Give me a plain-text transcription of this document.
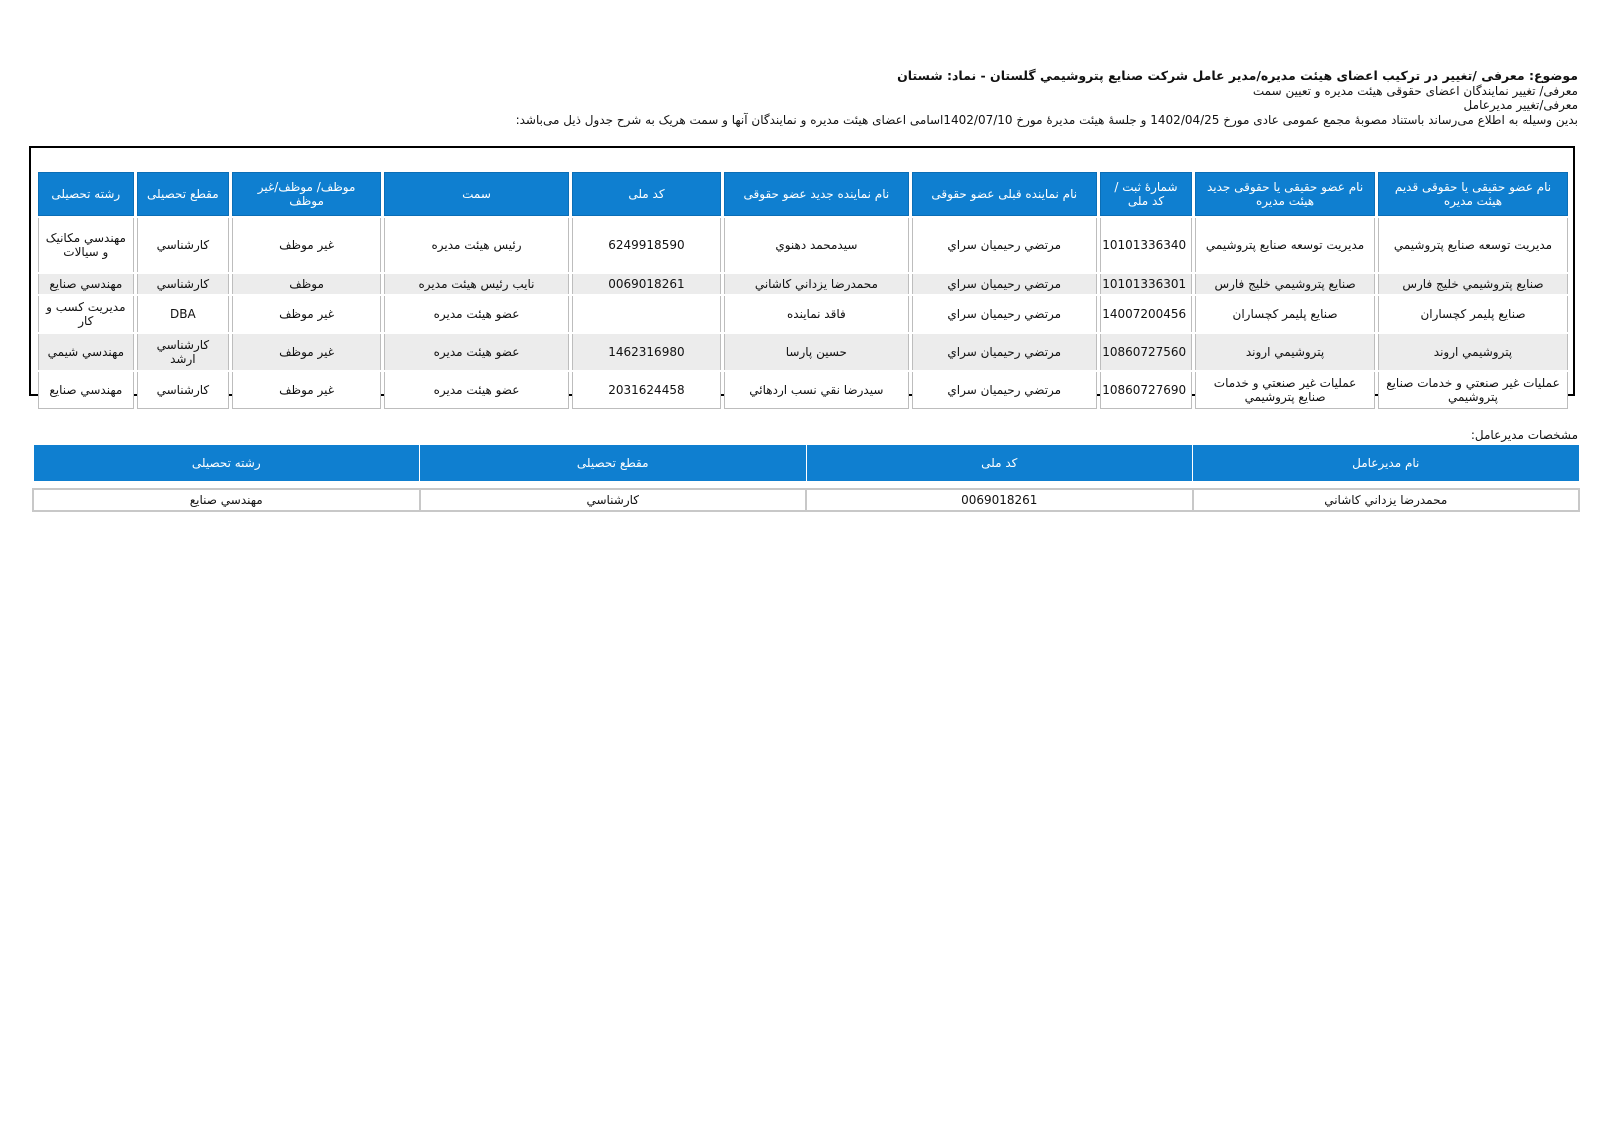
موضوع: معرفی /تغییر در ترکیب اعضای هیئت مدیره/مدیر عامل شرکت صنایع پتروشیمي گلستان - نماد: شستان
معرفی/ تغییر نمایندگان اعضای حقوقی هیئت مدیره و تعیین سمت
معرفی/تغییر مدیرعامل
بدین وسیله به اطلاع می‌رساند باستناد مصوبهٔ مجمع عمومی عادی مورخ 1402/04/25 و جلسهٔ هیئت مدیرهٔ مورخ 1402/07/10اسامی اعضای هیئت مدیره و نمایندگان آنها و سمت هریک به شرح جدول ذیل می‌باشد:
نام عضو حقیقی یا حقوقی قدیم هیئت مدیره	نام عضو حقیقی یا حقوقی جدید هیئت مدیره	شمارهٔ ثبت / کد ملی	نام نماینده قبلی عضو حقوقی	نام نماینده جدید عضو حقوقی	کد ملی	سمت	موظف/ موظف/غیر موظف	مقطع تحصیلی	رشته تحصیلی
مدیریت توسعه صنایع پتروشیمي	مدیریت توسعه صنایع پتروشیمي	10101336340	مرتضي رحیمیان سراي	سیدمحمد دهنوي	6249918590	رئیس هیئت مدیره	غیر موظف	کارشناسي	مهندسي مکانیک و سیالات
صنایع پتروشیمي خلیج فارس	صنایع پتروشیمي خلیج فارس	10101336301	مرتضي رحیمیان سراي	محمدرضا یزداني کاشاني	0069018261	نایب رئیس هیئت مدیره	موظف	کارشناسي	مهندسي صنایع
صنایع پلیمر کچساران	صنایع پلیمر کچساران	14007200456	مرتضي رحیمیان سراي	فاقد نماینده		عضو هیئت مدیره	غیر موظف	DBA	مدیریت کسب و کار
پتروشیمي اروند	پتروشیمي اروند	10860727560	مرتضي رحیمیان سراي	حسین پارسا	1462316980	عضو هیئت مدیره	غیر موظف	کارشناسي ارشد	مهندسي شیمي
عملیات غیر صنعتي و خدمات صنایع پتروشیمي	عملیات غیر صنعتي و خدمات صنایع پتروشیمي	10860727690	مرتضي رحیمیان سراي	سیدرضا نقي نسب اردهائي	2031624458	عضو هیئت مدیره	غیر موظف	کارشناسي	مهندسي صنایع
مشخصات مدیرعامل:
نام مدیرعامل	کد ملی	مقطع تحصیلی	رشته تحصیلی

محمدرضا یزداني کاشاني	0069018261	کارشناسي	مهندسي صنایع
